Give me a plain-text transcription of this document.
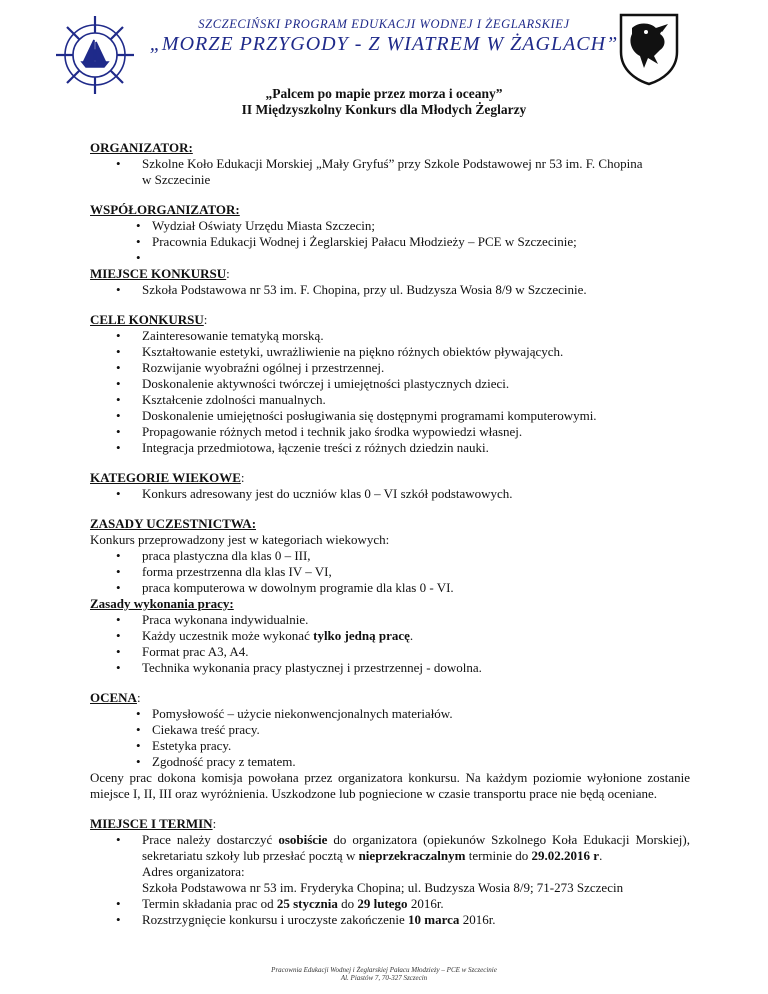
SZCZECIŃSKI PROGRAM EDUKACJI WODNEJ I ŻEGLARSKIEJ
„MORZE PRZYGODY - Z WIATREM W ŻAGLACH”
„Palcem po mapie przez morza i oceany”
II Międzyszkolny Konkurs dla Młodych Żeglarzy
ORGANIZATOR:
• Szkolne Koło Edukacji Morskiej „Mały Gryfuś” przy Szkole Podstawowej nr 53 im. F. Chopina
w Szczecinie
WSPÓŁORGANIZATOR:
• Wydział Oświaty Urzędu Miasta Szczecin;
• Pracownia Edukacji Wodnej i Żeglarskiej Pałacu Młodzieży – PCE w Szczecinie;
•
MIEJSCE KONKURSU:
• Szkoła Podstawowa nr 53 im. F. Chopina, przy ul. Budzysza Wosia 8/9 w Szczecinie.
CELE KONKURSU:
• Zainteresowanie tematyką morską.
• Kształtowanie estetyki, uwrażliwienie na piękno różnych obiektów pływających.
• Rozwijanie wyobraźni ogólnej i przestrzennej.
• Doskonalenie aktywności twórczej i umiejętności plastycznych dzieci.
• Kształcenie zdolności manualnych.
• Doskonalenie umiejętności posługiwania się dostępnymi programami komputerowymi.
• Propagowanie różnych metod i technik jako środka wypowiedzi własnej.
• Integracja przedmiotowa, łączenie treści z różnych dziedzin nauki.
KATEGORIE WIEKOWE:
• Konkurs adresowany jest do uczniów klas 0 – VI szkół podstawowych.
ZASADY UCZESTNICTWA:
Konkurs przeprowadzony jest w kategoriach wiekowych:
• praca plastyczna dla klas 0 – III,
• forma przestrzenna dla klas IV – VI,
• praca komputerowa w dowolnym programie dla klas 0 - VI.
Zasady wykonania pracy:
• Praca wykonana indywidualnie.
• Każdy uczestnik może wykonać tylko jedną pracę.
• Format prac A3, A4.
• Technika wykonania pracy plastycznej i przestrzennej - dowolna.
OCENA:
• Pomysłowość – użycie niekonwencjonalnych materiałów.
• Ciekawa treść pracy.
• Estetyka pracy.
• Zgodność pracy z tematem.
Oceny prac dokona komisja powołana przez organizatora konkursu. Na każdym poziomie wyłonione zostanie miejsce I, II, III oraz wyróżnienia. Uszkodzone lub pogniecione w czasie transportu prace nie będą oceniane.
MIEJSCE I TERMIN:
• Prace należy dostarczyć osobiście do organizatora (opiekunów Szkolnego Koła Edukacji Morskiej), sekretariatu szkoły lub przesłać pocztą w nieprzekraczalnym terminie do 29.02.2016 r.
Adres organizatora:
Szkoła Podstawowa nr 53 im. Fryderyka Chopina; ul. Budzysza Wosia 8/9; 71-273 Szczecin
• Termin składania prac od 25 stycznia do 29 lutego 2016r.
• Rozstrzygnięcie konkursu i uroczyste zakończenie 10 marca 2016r.
Pracownia Edukacji Wodnej i Żeglarskiej Pałacu Młodzieży – PCE w Szczecinie
Al. Piastów 7, 70-327 Szczecin
